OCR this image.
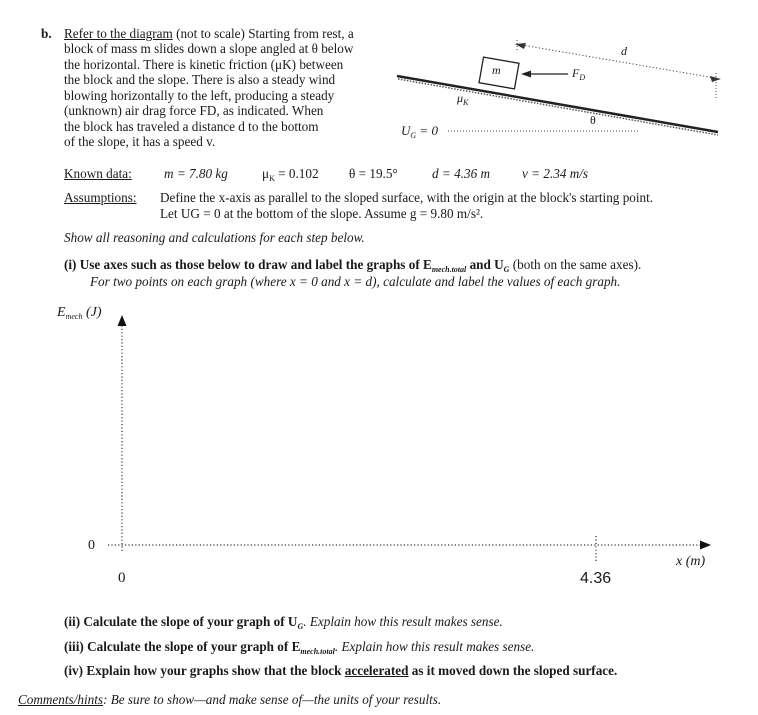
b. Refer to the diagram (not to scale) Starting from rest, a
block of mass m slides down a slope angled at θ below
the horizontal. There is kinetic friction (μK) between
the block and the slope. There is also a steady wind
blowing horizontally to the left, producing a steady
(unknown) air drag force FD, as indicated. When
the block has traveled a distance d to the bottom
of the slope, it has a speed v.
m
d
$F_D$
$\mu_K$
θ
$U_G = 0$
Known data: m = 7.80 kg	$\mu_K = 0.102$ θ = 19.5°	d = 4.36 m v = 2.34 m/s
Assumptions: Define the x-axis as parallel to the sloped surface, with the origin at the block's starting point.
Let UG = 0 at the bottom of the slope. Assume g = 9.80 m/s².
Show all reasoning and calculations for each step below.
(i) Use axes such as those below to draw and label the graphs of $E_{mech.total}$ and $U_G$ (both on the same axes).
For two points on each graph (where x = 0 and x = d), calculate and label the values of each graph.
$E_{mech}$ (J)
0
0	4.36
x (m)
(ii) Calculate the slope of your graph of $U_G$. Explain how this result makes sense.
(iii) Calculate the slope of your graph of $E_{mech.total}$. Explain how this result makes sense.
(iv) Explain how your graphs show that the block accelerated as it moved down the sloped surface.
Comments/hints: Be sure to show—and make sense of—the units of your results.
